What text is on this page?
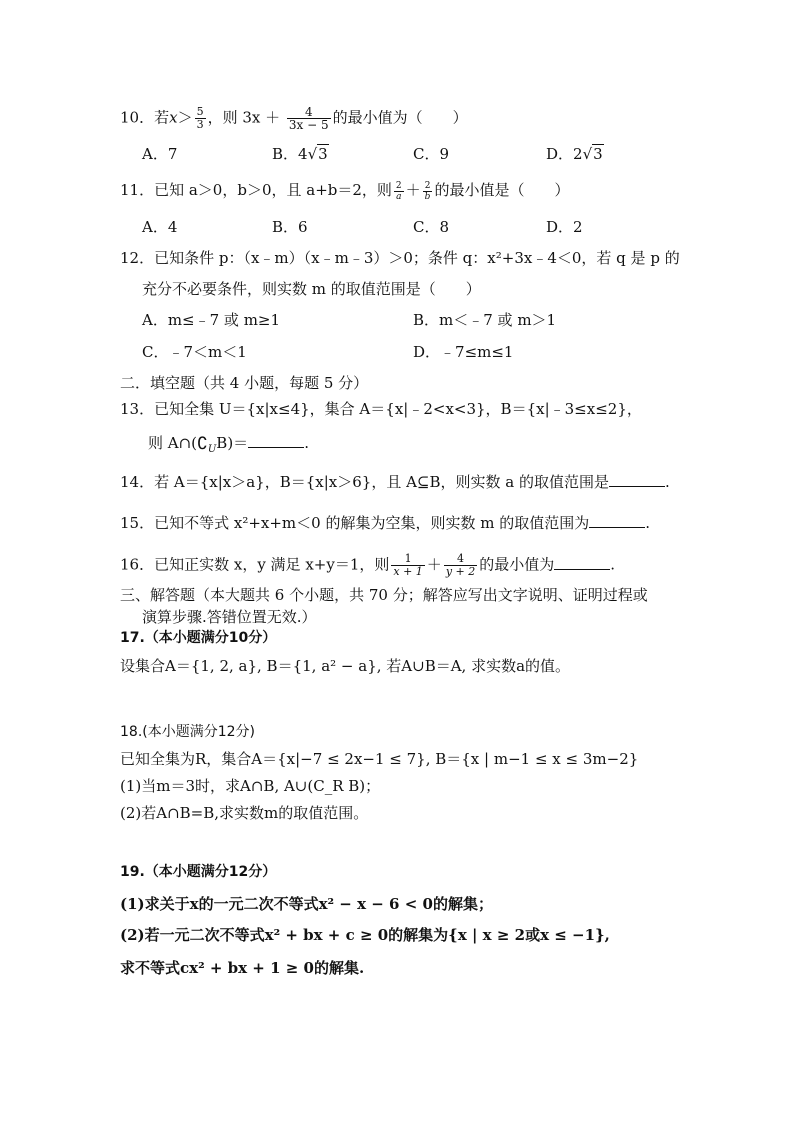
10．若$x> \frac{5}{3}$ ，则 $3x + \frac{4}{3x - 5}$ 的最小值为（　　）
A．7	B．4√3	C．9	D．2√3
11．已知 a＞0，b＞0，且 a+b＝2，则 $\frac{2}{a} + \frac{2}{b}$ 的最小值是（　　）
A．4	B．6	C．8	D．2
12．已知条件 p：（x﹣m）（x﹣m﹣3）＞0；条件 q：x²+3x﹣4＜0，若 q 是 p 的
充分不必要条件，则实数 m 的取值范围是（　　）
A．m≤﹣7 或 m≥1	B．m＜﹣7 或 m＞1
C．﹣7＜m＜1	D．﹣7≤m≤1
二．填空题（共 4 小题，每题 5 分）
13．已知全集 U＝{x|x≤4}，集合 A＝{x|﹣2<x<3}，B＝{x|﹣3≤x≤2}，
则 $A\cap(∁_UB)=$	.
14．若 A＝{x|x＞a}，B＝{x|x＞6}，且 A⊆B，则实数 a 的取值范围是	.
15．已知不等式 x²+x+m＜0 的解集为空集，则实数 m 的取值范围为	.
16．已知正实数 x，y 满足 x+y＝1，则 $\frac{1}{x + 1} + \frac{4}{y + 2}$ 的最小值为	.
三、解答题（本大题共 6 个小题，共 70 分；解答应写出文字说明、证明过程或
演算步骤.答错位置无效.）
17.（本小题满分10分）
设集合A＝{1, 2, a}, B＝{1, a² − a}, 若A∪B＝A, 求实数a的值。
18.(本小题满分12分)
已知全集为R，集合A＝{x|−7 ≤ 2x−1 ≤ 7}, B＝{x | m−1 ≤ x ≤ 3m−2}
(1)当m＝3时，求A∩B, A∪(C_R B)；
(2)若A∩B=B,求实数m的取值范围。
19.（本小题满分12分）
(1)求关于x的一元二次不等式x² − x − 6 < 0的解集；
(2)若一元二次不等式x² + bx + c ≥ 0的解集为{x | x ≥ 2或x ≤ −1},
求不等式cx² + bx + 1 ≥ 0的解集.
